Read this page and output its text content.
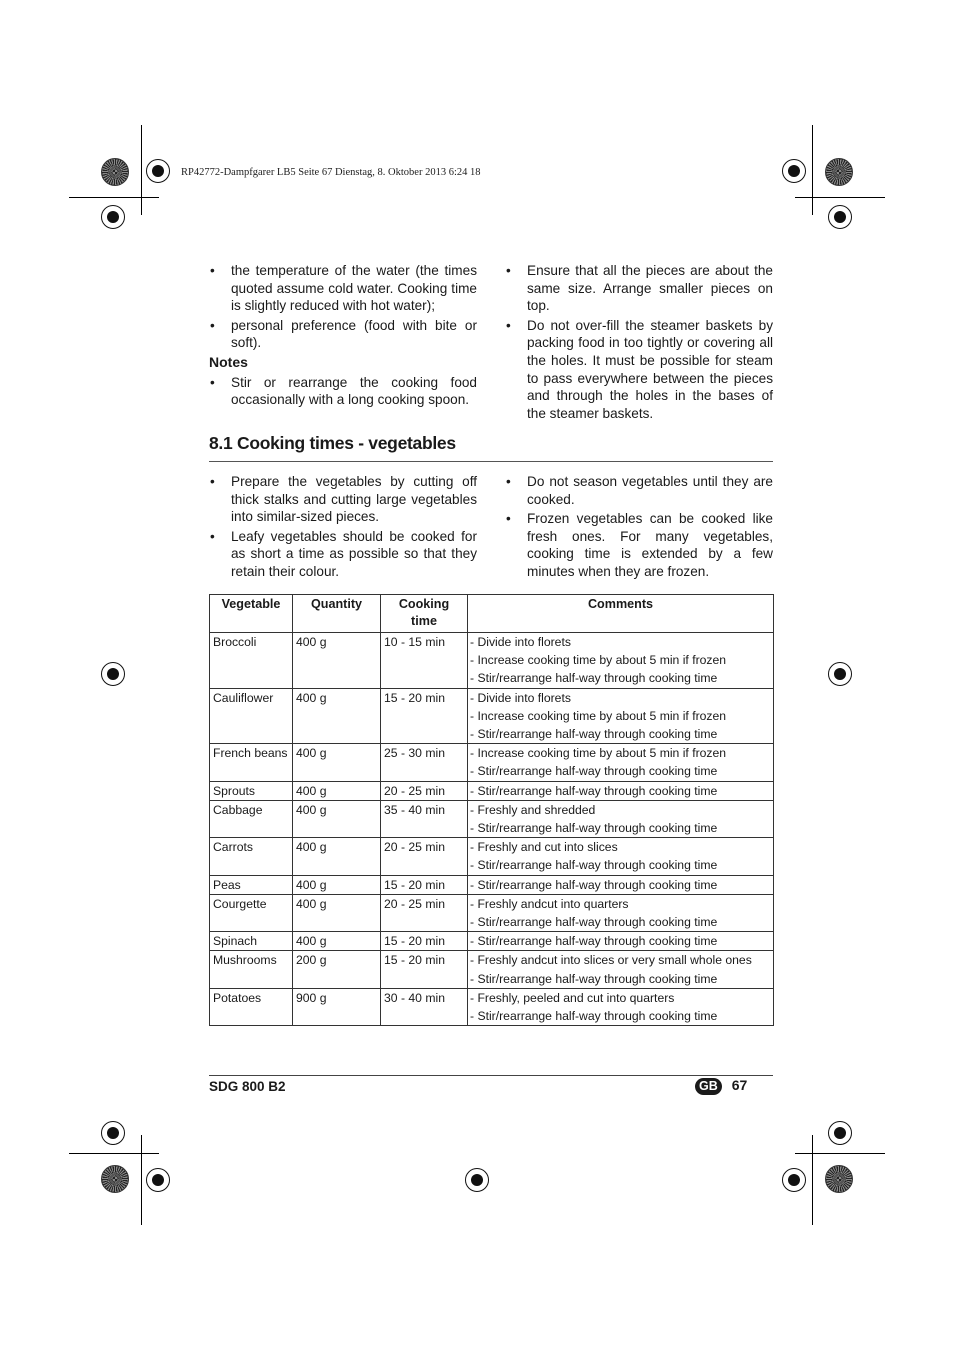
RP42772-Dampfgarer LB5 Seite 67 Dienstag, 8. Oktober 2013 6:24 18
• the temperature of the water (the times quoted assume cold water. Cooking time is slightly reduced with hot water);
• personal preference (food with bite or soft).
Notes
• Stir or rearrange the cooking food occasionally with a long cooking spoon.
• Ensure that all the pieces are about the same size. Arrange smaller pieces on top.
• Do not over-fill the steamer baskets by packing food in too tightly or covering all the holes. It must be possible for steam to pass everywhere between the pieces and through the holes in the bases of the steamer baskets.
8.1 Cooking times - vegetables
• Prepare the vegetables by cutting off thick stalks and cutting large vegetables into similar-sized pieces.
• Leafy vegetables should be cooked for as short a time as possible so that they retain their colour.
• Do not season vegetables until they are cooked.
• Frozen vegetables can be cooked like fresh ones. For many vegetables, cooking time is extended by a few minutes when they are frozen.
Vegetable	Quantity	Cooking time	Comments
Broccoli	400 g	10 - 15 min	- Divide into florets
- Increase cooking time by about 5 min if frozen
- Stir/rearrange half-way through cooking time

Cauliflower	400 g	15 - 20 min	- Divide into florets
- Increase cooking time by about 5 min if frozen
- Stir/rearrange half-way through cooking time

French beans	400 g	25 - 30 min	- Increase cooking time by about 5 min if frozen
- Stir/rearrange half-way through cooking time

Sprouts	400 g	20 - 25 min	- Stir/rearrange half-way through cooking time

Cabbage	400 g	35 - 40 min	- Freshly and shredded
- Stir/rearrange half-way through cooking time

Carrots	400 g	20 - 25 min	- Freshly and cut into slices
- Stir/rearrange half-way through cooking time

Peas	400 g	15 - 20 min	- Stir/rearrange half-way through cooking time

Courgette	400 g	20 - 25 min	- Freshly andcut into quarters
- Stir/rearrange half-way through cooking time

Spinach	400 g	15 - 20 min	- Stir/rearrange half-way through cooking time

Mushrooms	200 g	15 - 20 min	- Freshly andcut into slices or very small whole ones
- Stir/rearrange half-way through cooking time

Potatoes	900 g	30 - 40 min	- Freshly, peeled and cut into quarters
- Stir/rearrange half-way through cooking time
SDG 800 B2	GB 67
